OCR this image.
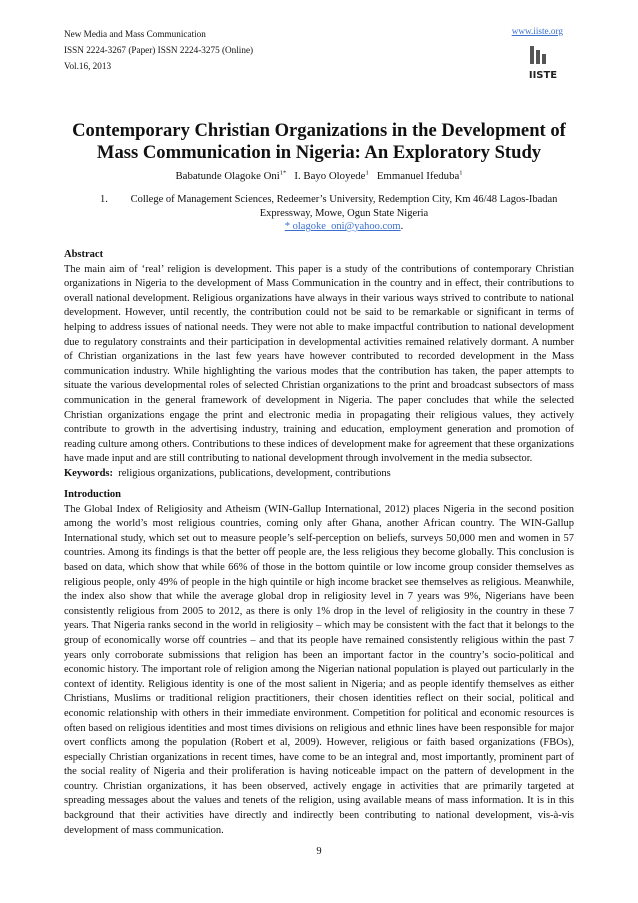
New Media and Mass Communication
ISSN 2224-3267 (Paper) ISSN 2224-3275 (Online)
Vol.16, 2013
www.iiste.org
IISTE
Contemporary Christian Organizations in the Development of Mass Communication in Nigeria: An Exploratory Study
Babatunde Olagoke Oni$^{1*}$ I. Bayo Oloyede$^1$ Emmanuel Ifeduba$^1$
1.	College of Management Sciences, Redeemer’s University, Redemption City, Km 46/48 Lagos-Ibadan Expressway, Mowe, Ogun State Nigeria
* olagoke_oni@yahoo.com.
Abstract
The main aim of ‘real’ religion is development. This paper is a study of the contributions of contemporary Christian organizations in Nigeria to the development of Mass Communication in the country and in effect, their contributions to overall national development. Religious organizations have always in their various ways strived to contribute to national development. However, until recently, the contribution could not be said to be remarkable or significant in terms of helping to address issues of national needs. They were not able to make impactful contribution to national development due to regulatory constraints and their participation in developmental activities remained relatively dormant. A number of Christian organizations in the last few years have however contributed to recorded development in the Mass communication industry. While highlighting the various modes that the contribution has taken, the paper attempts to situate the various developmental roles of selected Christian organizations to the print and broadcast subsectors of mass communication in the general framework of development in Nigeria. The paper concludes that while the selected Christian organizations engage the print and electronic media in propagating their religious values, they actively contribute to growth in the advertising industry, training and education, employment generation and promotion of reading culture among others. Contributions to these indices of development make for agreement that these organizations have made input and are still contributing to national development through involvement in the media subsector.
Keywords: religious organizations, publications, development, contributions
Introduction
The Global Index of Religiosity and Atheism (WIN-Gallup International, 2012) places Nigeria in the second position among the world’s most religious countries, coming only after Ghana, another African country. The WIN-Gallup International study, which set out to measure people’s self-perception on beliefs, surveys 50,000 men and women in 57 countries. Among its findings is that the better off people are, the less religious they become globally. This conclusion is based on data, which show that while 66% of those in the bottom quintile or low income group consider themselves as religious people, only 49% of people in the high quintile or high income bracket see themselves as religious. Meanwhile, the index also show that while the average global drop in religiosity level in 7 years was 9%, Nigerians have been consistently religious from 2005 to 2012, as there is only 1% drop in the level of religiosity in the country in these 7 years. That Nigeria ranks second in the world in religiosity – which may be consistent with the fact that it belongs to the group of economically worse off countries – and that its people have remained consistently religious within the past 7 years only corroborate submissions that religion has been an important factor in the country’s socio-political and economic history. The important role of religion among the Nigerian national population is played out particularly in the context of identity. Religious identity is one of the most salient in Nigeria; and as people identify themselves as either Christians, Muslims or traditional religion practitioners, their chosen identities reflect on their social, political and economic relationship with others in their immediate environment. Competition for political and economic resources is often based on religious identities and most times divisions on religious and ethnic lines have been responsible for major overt conflicts among the population (Robert et al, 2009). However, religious or faith based organizations (FBOs), especially Christian organizations in recent times, have come to be an integral and, most importantly, prominent part of the social reality of Nigeria and their proliferation is having noticeable impact on the pattern of development in the country. Christian organizations, it has been observed, actively engage in activities that are primarily targeted at spreading messages about the values and tenets of the religion, using available means of mass information. It is in this background that their activities have directly and indirectly been contributing to national development, vis-à-vis development of mass communication.
9
